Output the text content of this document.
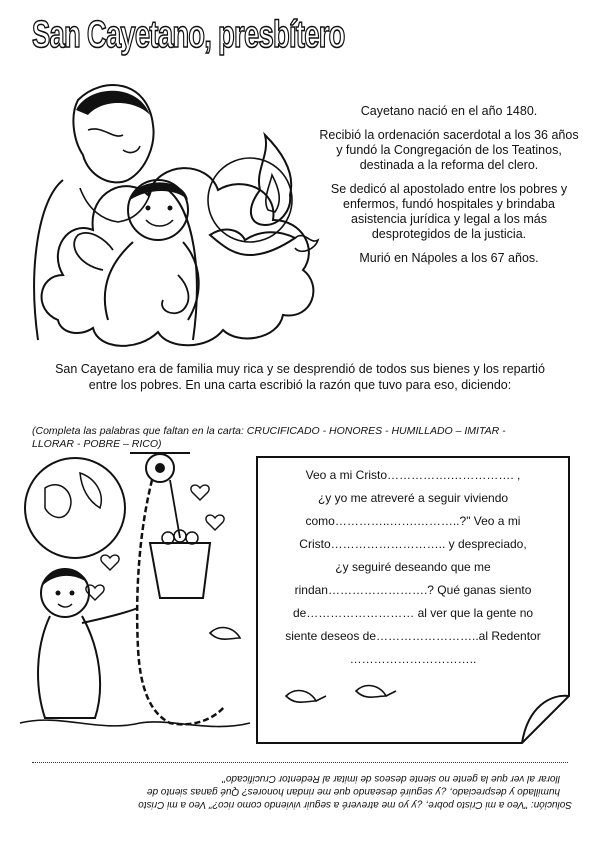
San Cayetano, presbítero

Cayetano nació en el año 1480.

Recibió la ordenación sacerdotal a los 36 años y fundó la Congregación de los Teatinos, destinada a la reforma del clero.

Se dedicó al apostolado entre los pobres y enfermos, fundó hospitales y brindaba asistencia jurídica y legal a los más desprotegidos de la justicia.

Murió en Nápoles a los 67 años.

San Cayetano era de familia muy rica y se desprendió de todos sus bienes y los repartió entre los pobres. En una carta escribió la razón que tuvo para eso, diciendo:
(Completa las palabras que faltan en la carta: CRUCIFICADO - HONORES - HUMILLADO – IMITAR - LLORAR - POBRE – RICO)
Veo a mi Cristo…………….……………. ,
¿y yo me atreveré a seguir viviendo
como…………..…….………..?" Veo a mi
Cristo……………………….. y despreciado,
¿y seguiré deseando que me
rindan…………………….? Qué ganas siento
de……………………… al ver que la gente no
siente deseos de……………………..al Redentor
…………………………..
Solución: "Veo a mi Cristo pobre, ¿y yo me atreveré a seguir viviendo como rico?" Veo a mi Cristo
humillado y despreciado, ¿y seguiré deseando que me rindan honores? Qué ganas siento de
llorar al ver que la gente no siente deseos de imitar al Redentor Crucificado"
